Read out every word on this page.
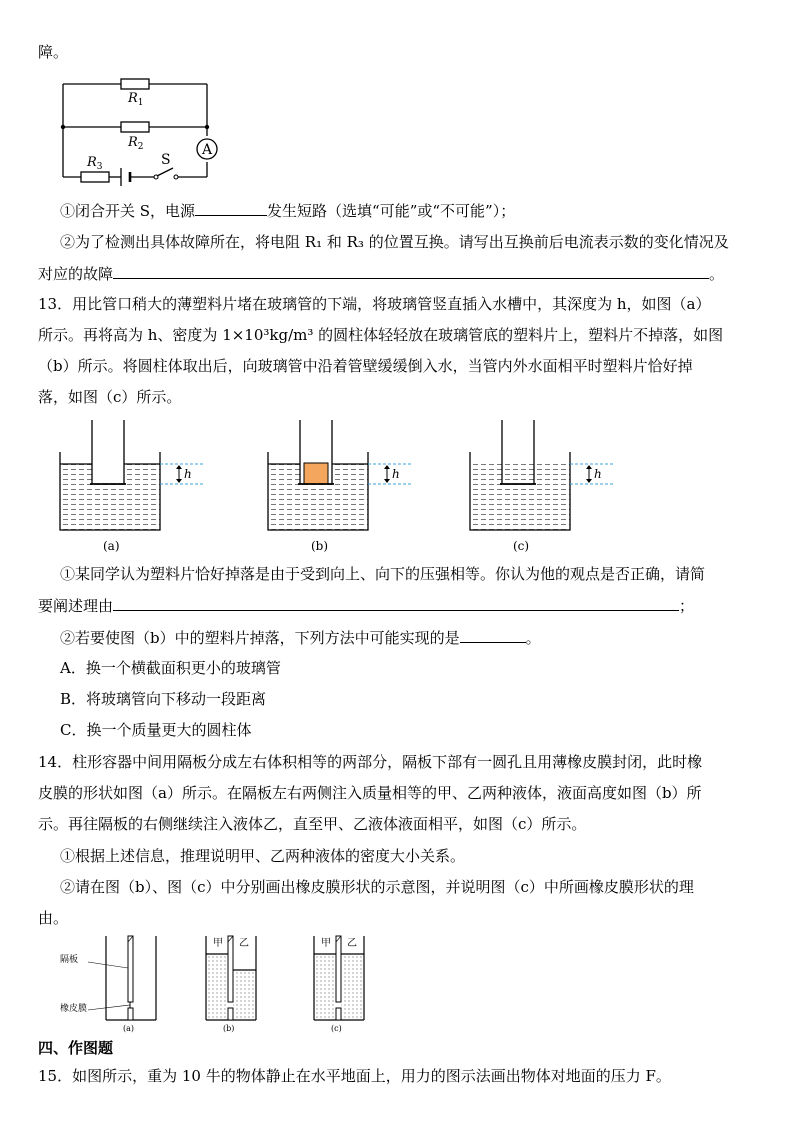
障。
A
$R_1$
$R_2$
$R_3$	S
①闭合开关 S，电源	发生短路（选填“可能”或“不可能”）；
②为了检测出具体故障所在，将电阻 R₁ 和 R₃ 的位置互换。请写出互换前后电流表示数的变化情况及
对应的故障	。
13．用比管口稍大的薄塑料片堵在玻璃管的下端，将玻璃管竖直插入水槽中，其深度为 h，如图（a）
所示。再将高为 h、密度为 1×10³kg/m³ 的圆柱体轻轻放在玻璃管底的塑料片上，塑料片不掉落，如图
（b）所示。将圆柱体取出后，向玻璃管中沿着管壁缓缓倒入水，当管内外水面相平时塑料片恰好掉
落，如图（c）所示。
h
(a)
h
(b)
h
(c)
①某同学认为塑料片恰好掉落是由于受到向上、向下的压强相等。你认为他的观点是否正确，请简
要阐述理由	；
②若要使图（b）中的塑料片掉落，下列方法中可能实现的是	。
A．换一个横截面积更小的玻璃管
B．将玻璃管向下移动一段距离
C．换一个质量更大的圆柱体
14．柱形容器中间用隔板分成左右体积相等的两部分，隔板下部有一圆孔且用薄橡皮膜封闭，此时橡
皮膜的形状如图（a）所示。在隔板左右两侧注入质量相等的甲、乙两种液体，液面高度如图（b）所
示。再往隔板的右侧继续注入液体乙，直至甲、乙液体液面相平，如图（c）所示。
①根据上述信息，推理说明甲、乙两种液体的密度大小关系。
②请在图（b）、图（c）中分别画出橡皮膜形状的示意图，并说明图（c）中所画橡皮膜形状的理
由。
隔板
橡皮膜
(a)
甲 乙
(b)
甲 乙
(c)
四、作图题
15．如图所示，重为 10 牛的物体静止在水平地面上，用力的图示法画出物体对地面的压力 F。
